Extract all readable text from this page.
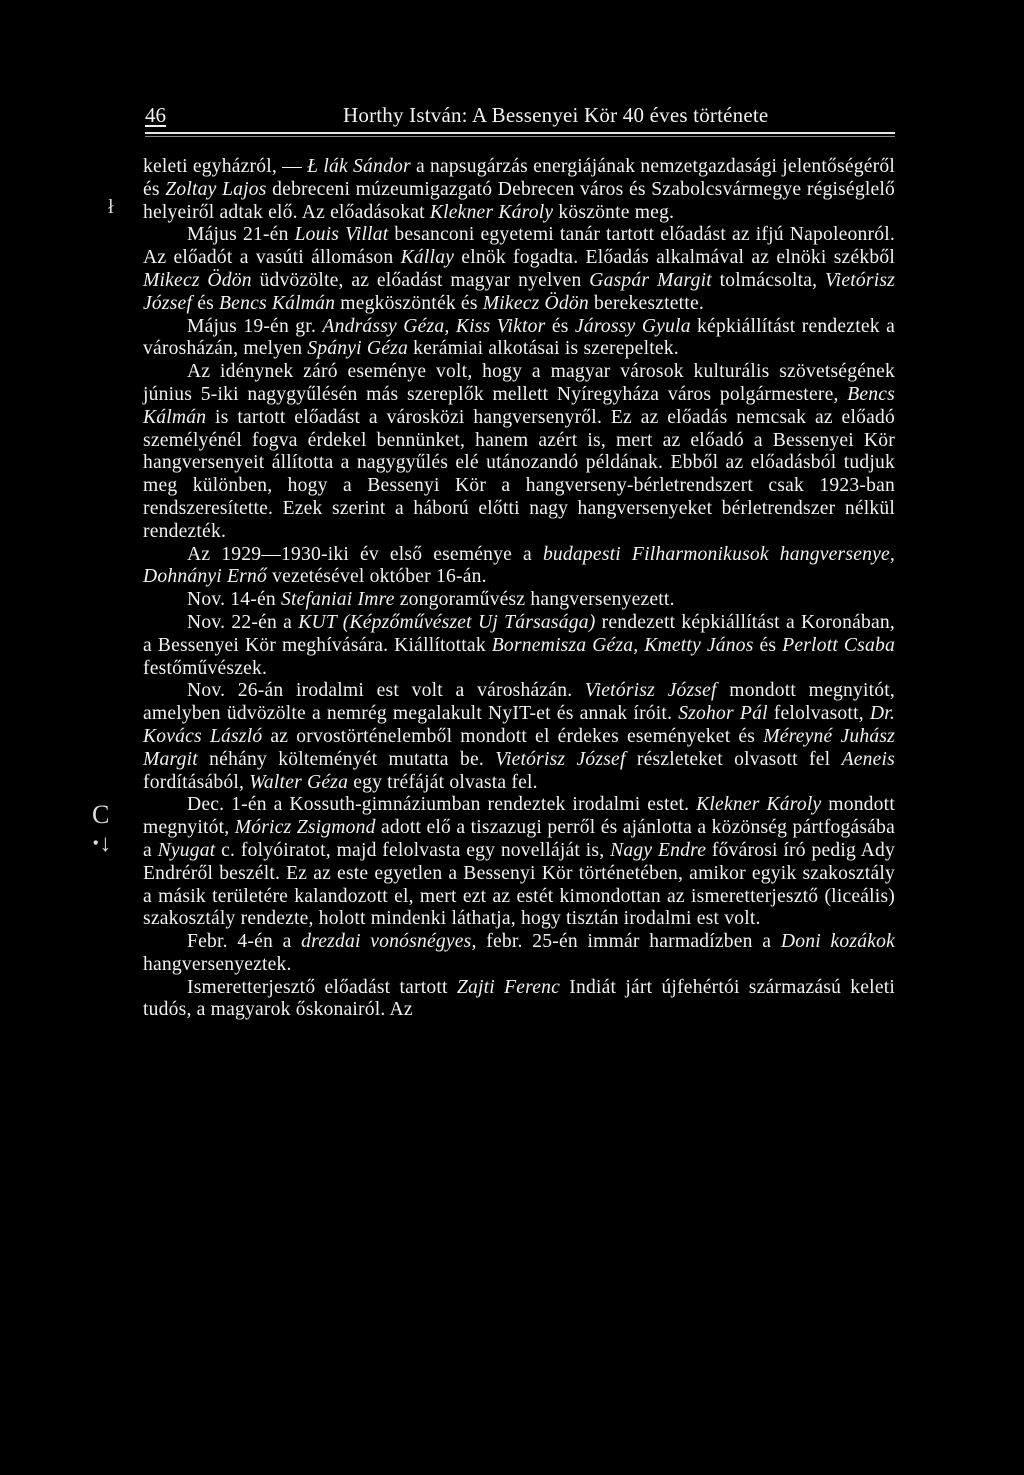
46	Horthy István: A Bessenyei Kör 40 éves története
ł
C
ꞏ↓

keleti egyházról, — Ł lák Sándor a napsugárzás energiájának nemzetgazdasági jelentőségéről és Zoltay Lajos debreceni múzeumigazgató Debrecen város és Szabolcsvármegye régiséglelő helyeiről adtak elő. Az előadásokat Klekner Károly köszönte meg.

Május 21-én Louis Villat besanconi egyetemi tanár tartott előadást az ifjú Napoleonról. Az előadót a vasúti állomáson Kállay elnök fogadta. Előadás alkalmával az elnöki székből Mikecz Ödön üdvözölte, az előadást magyar nyelven Gaspár Margit tolmácsolta, Vietórisz József és Bencs Kálmán megköszönték és Mikecz Ödön berekesztette.

Május 19-én gr. Andrássy Géza, Kiss Viktor és Járossy Gyula képkiállítást rendeztek a városházán, melyen Spányi Géza kerámiai alkotásai is szerepeltek.

Az idénynek záró eseménye volt, hogy a magyar városok kulturális szövetségének június 5-iki nagygyűlésén más szereplők mellett Nyíregyháza város polgármestere, Bencs Kálmán is tartott előadást a városközi hangversenyről. Ez az előadás nemcsak az előadó személyénél fogva érdekel bennünket, hanem azért is, mert az előadó a Bessenyei Kör hangversenyeit állította a nagygyűlés elé utánozandó példának. Ebből az előadásból tudjuk meg különben, hogy a Bessenyi Kör a hangverseny-bérletrendszert csak 1923-ban rendszeresítette. Ezek szerint a háború előtti nagy hangversenyeket bérletrendszer nélkül rendezték.

Az 1929—1930-iki év első eseménye a budapesti Filharmonikusok hangversenye, Dohnányi Ernő vezetésével október 16-án.

Nov. 14-én Stefaniai Imre zongoraművész hangversenyezett.

Nov. 22-én a KUT (Képzőművészet Uj Társasága) rendezett képkiállítást a Koronában, a Bessenyei Kör meghívására. Kiállítottak Bornemisza Géza, Kmetty János és Perlott Csaba festőművészek.

Nov. 26-án irodalmi est volt a városházán. Vietórisz József mondott megnyitót, amelyben üdvözölte a nemrég megalakult NyIT-et és annak íróit. Szohor Pál felolvasott, Dr. Kovács László az orvostörténelemből mondott el érdekes eseményeket és Méreyné Juhász Margit néhány költeményét mutatta be. Vietórisz József részleteket olvasott fel Aeneis fordításából, Walter Géza egy tréfáját olvasta fel.

Dec. 1-én a Kossuth-gimnáziumban rendeztek irodalmi estet. Klekner Károly mondott megnyitót, Móricz Zsigmond adott elő a tiszazugi perről és ajánlotta a közönség pártfogásába a Nyugat c. folyóiratot, majd felolvasta egy novelláját is, Nagy Endre fővárosi író pedig Ady Endréről beszélt. Ez az este egyetlen a Bessenyi Kör történetében, amikor egyik szakosztály a másik területére kalandozott el, mert ezt az estét kimondottan az ismeretterjesztő (liceális) szakosztály rendezte, holott mindenki láthatja, hogy tisztán irodalmi est volt.

Febr. 4-én a drezdai vonósnégyes, febr. 25-én immár harmadízben a Doni kozákok hangversenyeztek.

Ismeretterjesztő előadást tartott Zajti Ferenc Indiát járt újfehértói származású keleti tudós, a magyarok őskonairól. Az
